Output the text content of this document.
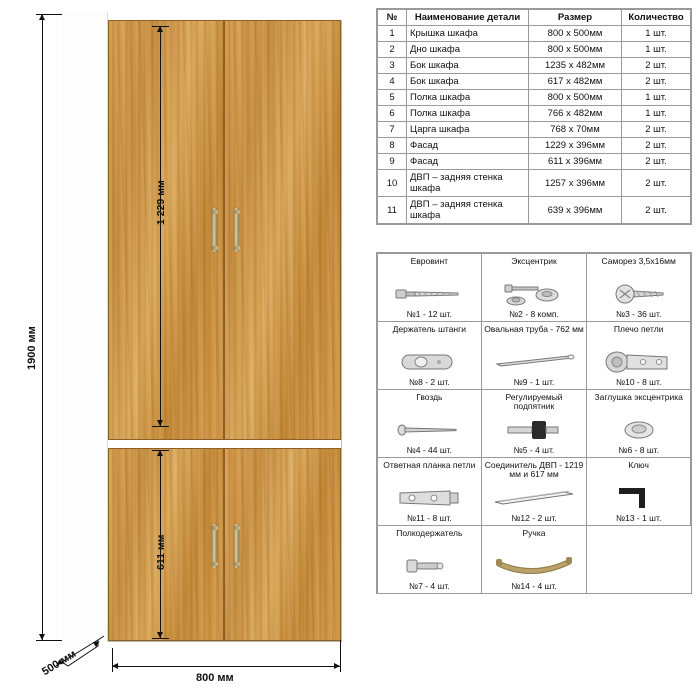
1900 мм
1 229 мм
611 мм
500 мм	800 мм
№	Наименование детали	Размер	Количество
1	Крышка шкафа	800 x 500мм	1 шт.
2	Дно шкафа	800 x 500мм	1 шт.
3	Бок шкафа	1235 x 482мм	2 шт.
4	Бок шкафа	617 x 482мм	2 шт.
5	Полка шкафа	800 x 500мм	1 шт.
6	Полка шкафа	766 x 482мм	1 шт.
7	Царга шкафа	768 x 70мм	2 шт.
8	Фасад	1229 x 396мм	2 шт.
9	Фасад	611 x 396мм	2 шт.
10	ДВП – задняя стенка шкафа	1257 x 396мм	2 шт.
11	ДВП – задняя стенка шкафа	639 x 396мм	2 шт.
Евровинт
№1 - 12 шт.
Эксцентрик
№2 - 8 комп.
Саморез 3,5x16мм
№3 - 36 шт.
Держатель штанги
№8 - 2 шт.
Овальная труба - 762 мм
№9 - 1 шт.
Плечо петли
№10 - 8 шт.
Гвоздь
№4 - 44 шт.
Регулируемый подпятник
№5 - 4 шт.
Заглушка эксцентрика
№6 - 8 шт.
Ответная планка петли
№11 - 8 шт.
Соединитель ДВП - 1219 мм и 617 мм
№12 - 2 шт.
Ключ
№13 - 1 шт.
Полкодержатель
№7 - 4 шт.
Ручка
№14 - 4 шт.
